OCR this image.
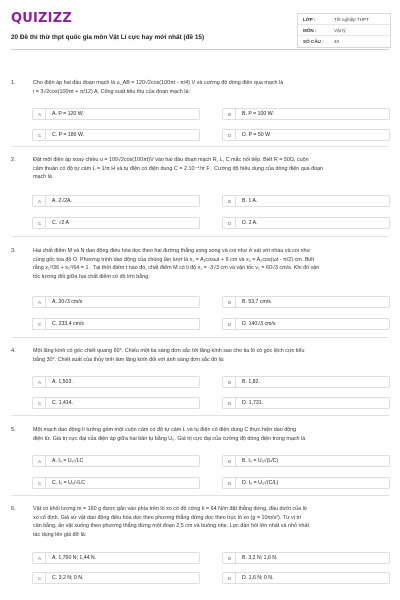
QUIZIZZ
20 Đề thi thử thpt quốc gia môn Vật Lí cực hay mới nhất (đề 15)
LỚP :	Tốt nghiệp THPT
MÔN :	Vật lý
SỐ CÂU :	40
1.	Cho điện áp hai đầu đoạn mạch là u_AB = 120√2cos(100πt - π/4) V và cường độ dòng điện qua mạch là
i = 3√2cos(100πt + π/12) A. Công suất tiêu thụ của đoạn mạch là:
A	A. P = 120 W.	B	B. P = 100 W.
C	C. P = 180 W.	D	D. P = 50 W
2.	Đặt một điện áp xoay chiều u = 100√2cos(100πt)V vào hai đầu đoạn mạch R, L, C mắc nối tiếp. Biết R = 50Ω, cuộn
cảm thuần có độ tự cảm L = 1/π H và tụ điện có điện dung C = 2.10⁻⁴/π F . Cường độ hiệu dụng của dòng điện qua đoạn
mạch là
A	A. 2√2A.	B	B. 1 A.
C	C. √2 A	D	D. 2 A.
3.	Hai chất điểm M và N dao động điều hòa dọc theo hai đường thẳng song song và coi như ở sát với nhau và coi như
cùng gốc tọa độ O. Phương trình dao động của chúng lần lượt là x₁ = A₁cosωt + 6 cm và x₂ = A₂cos(ωt - π/2) cm. Biết
rằng x₁²/36 + x₂²/64 = 1 . Tại thời điểm t nào đó, chất điểm M có li độ x₁ = -3√3 cm và vận tốc v₁ = 60√3 cm/s. Khi đó vận
tốc tương đối giữa hai chất điểm có độ lớn bằng:
A	A. 20√3 cm/s	B	B. 53,7 cm/s
C	C. 233,4 cm/s	D	D. 140√3 cm/s
4.	Một lăng kính có góc chiết quang 60°. Chiếu một tia sáng đơn sắc tới lăng kính sao cho tia ló có góc lệch cực tiểu
bằng 30°. Chiết suất của thủy tinh làm lăng kính đối với ánh sáng đơn sắc đó là:
A	A. 1,503.	B	B. 1,82.
C	C. 1,414.	D	D. 1,731.
5.	Một mạch dao động lí tưởng gồm một cuộn cảm có độ tự cảm L và tụ điện có điện dung C thực hiện dao động
điện từ. Giá trị cực đại của điện áp giữa hai bản tụ bằng U₀. Giá trị cực đại của cường độ dòng điện trong mạch là
A	A. I₀ = U₀√LC	B	B. I₀ = U₀√(L/C)
C	C. I₀ = U₀/√LC	D	D. I₀ = U₀√(C/L)
6.	Vật có khối lượng m = 160 g được gắn vào phía trên lò xo có độ cứng k = 64 N/m đặt thẳng đứng, đầu dưới của lò
xo cố định. Giả sử vật dao động điều hòa dọc theo phương thẳng đứng dọc theo trục lò xo (g = 10m/s²). Từ vị trí
cân bằng, ấn vật xuống theo phương thẳng đứng một đoạn 2,5 cm và buông nhẹ. Lực đàn hồi lớn nhất và nhỏ nhất
tác dụng lên giá đỡ là:
A	A. 1,760 N; 1,44 N.	B	B. 3,2 N; 1,6 N.
C	C. 3,2 N; 0 N.	D	D. 1,6 N; 0 N.
